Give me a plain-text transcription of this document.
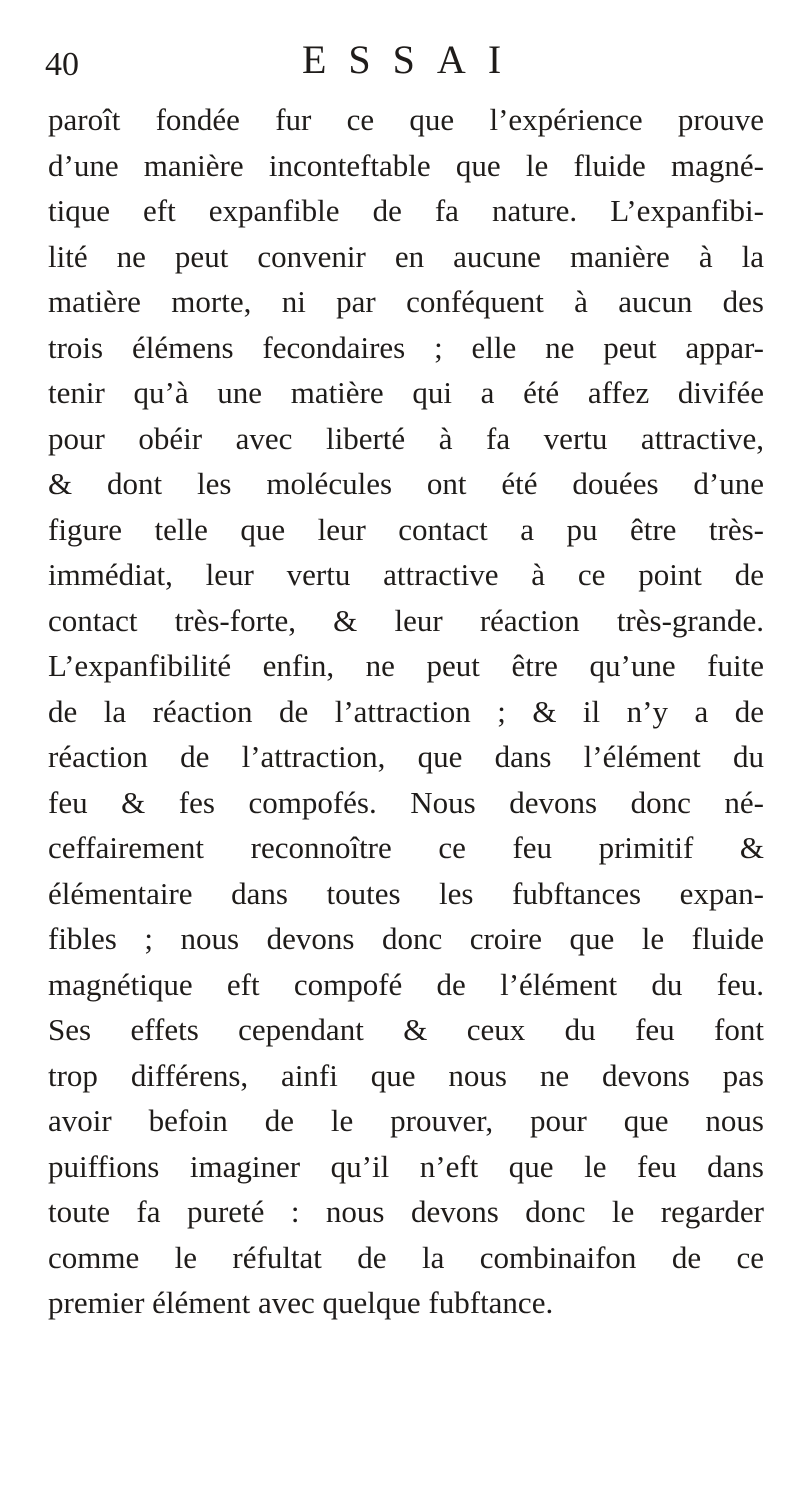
40	ESSAI
paroît fondée fur ce que l’expérience prouve
d’une manière inconteftable que le fluide magné-
tique eft expanfible de fa nature. L’expanfibi-
lité ne peut convenir en aucune manière à la
matière morte, ni par conféquent à aucun des
trois élémens fecondaires ; elle ne peut appar-
tenir qu’à une matière qui a été affez divifée
pour obéir avec liberté à fa vertu attractive,
& dont les molécules ont été douées d’une
figure telle que leur contact a pu être très-
immédiat, leur vertu attractive à ce point de
contact très-forte, & leur réaction très-grande.
L’expanfibilité enfin, ne peut être qu’une fuite
de la réaction de l’attraction ; & il n’y a de
réaction de l’attraction, que dans l’élément du
feu & fes compofés. Nous devons donc né-
ceffairement reconnoître ce feu primitif &
élémentaire dans toutes les fubftances expan-
fibles ; nous devons donc croire que le fluide
magnétique eft compofé de l’élément du feu.
Ses effets cependant & ceux du feu font
trop différens, ainfi que nous ne devons pas
avoir befoin de le prouver, pour que nous
puiffions imaginer qu’il n’eft que le feu dans
toute fa pureté : nous devons donc le regarder
comme le réfultat de la combinaifon de ce
premier élément avec quelque fubftance.
